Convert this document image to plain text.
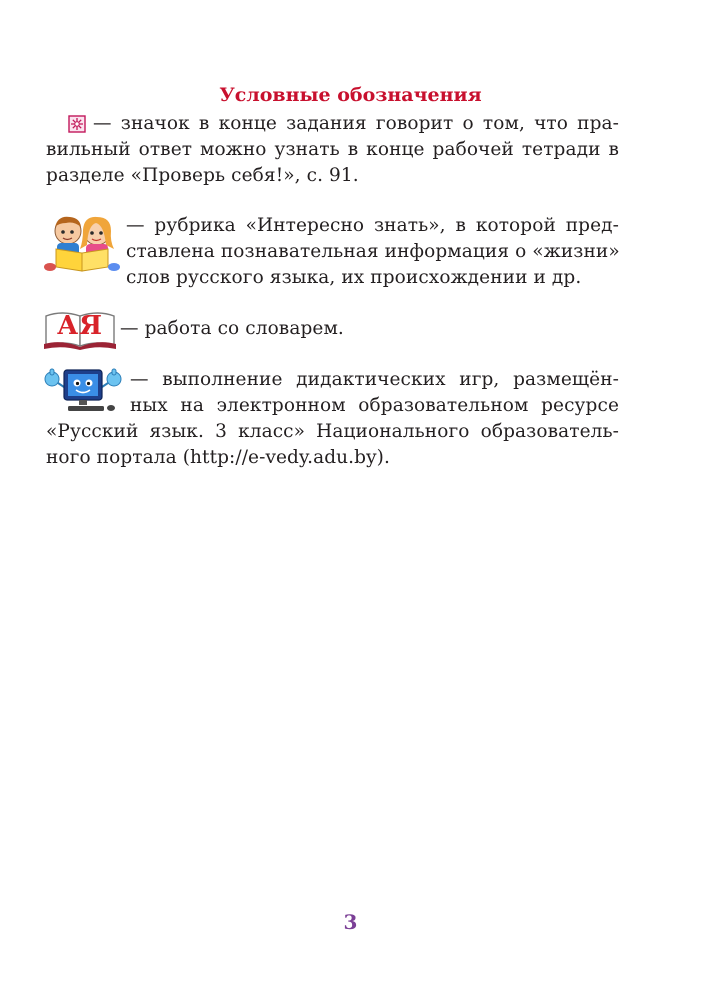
Условные обозначения
— значок в конце задания говорит о том, что пра-
вильный ответ можно узнать в конце рабочей тетради в
разделе «Проверь себя!», с. 91.
— рубрика «Интересно знать», в которой пред-
ставлена познавательная информация о «жизни»
слов русского языка, их происхождении и др.
АЯ — работа со словарем.
— выполнение дидактических игр, размещён-
ных на электронном образовательном ресурсе
«Русский язык. 3 класс» Национального образователь-
ного портала (http://e-vedy.adu.by).
3
